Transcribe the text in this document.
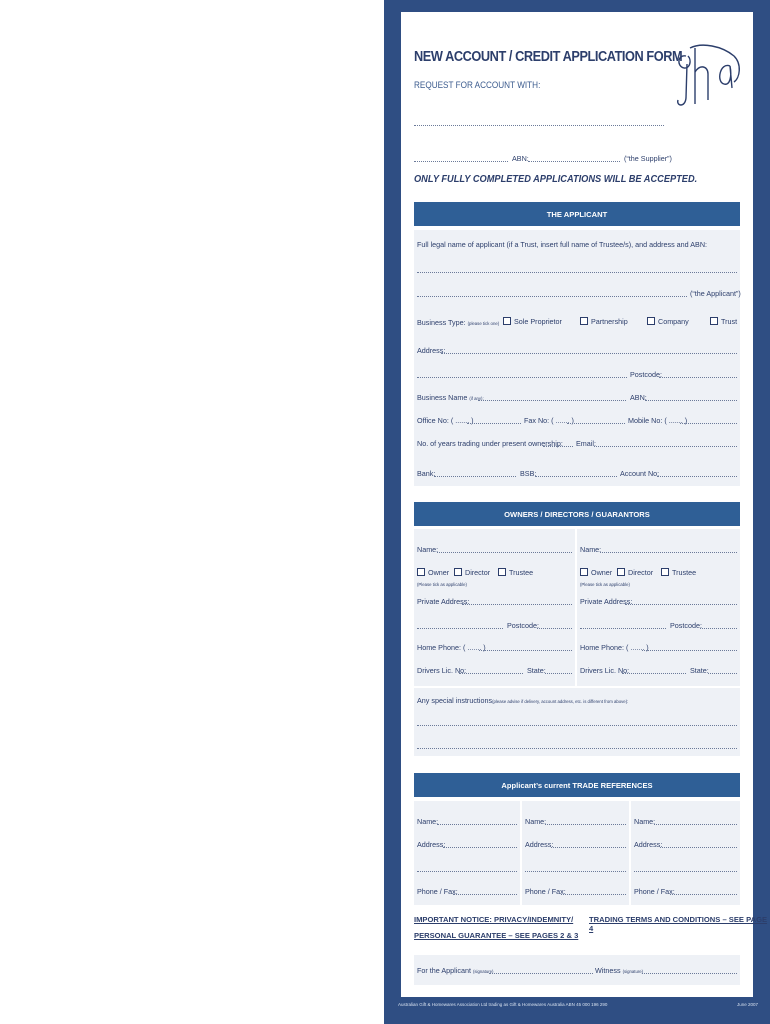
NEW ACCOUNT / CREDIT APPLICATION FORM
REQUEST FOR ACCOUNT WITH:
ABN:	(“the Supplier”)
ONLY FULLY COMPLETED APPLICATIONS WILL BE ACCEPTED.
THE APPLICANT
Full legal name of applicant (if a Trust, insert full name of Trustee/s), and address and ABN:
(“the Applicant”)
Business Type: (please tick one)	Sole Proprietor	Partnership	Company	Trust
Address:
Postcode:
Business Name (if any):	ABN:
Office No: ( ....... )	Fax No: ( ....... )	Mobile No: ( ....... )
No. of years trading under present ownership: Email:
Bank:	BSB:	Account No:
OWNERS / DIRECTORS / GUARANTORS
Name:	Name:
Owner	Director	Trustee
(Please tick as applicable)
Owner	Director	Trustee
(Please tick as applicable)
Private Address:	Private Address:
Postcode:	Postcode:
Home Phone: ( ....... )	Home Phone: ( ....... )
Drivers Lic. No:	State:	Drivers Lic. No:	State:
Any special instructions(please advise if delivery, account address, etc. is different from above):
Applicant’s current TRADE REFERENCES
Name:	Name:	Name:
Address:	Address:	Address:
Phone / Fax:	Phone / Fax:	Phone / Fax:
IMPORTANT NOTICE: PRIVACY/INDEMNITY/
PERSONAL GUARANTEE – SEE PAGES 2 & 3
TRADING TERMS AND CONDITIONS – SEE PAGE 4
For the Applicant (signature)	Witness (signature)
Australian Gift & Homewares Association Ltd trading as Gift & Homewares Australia ABN 45 000 196 290	June 2007
